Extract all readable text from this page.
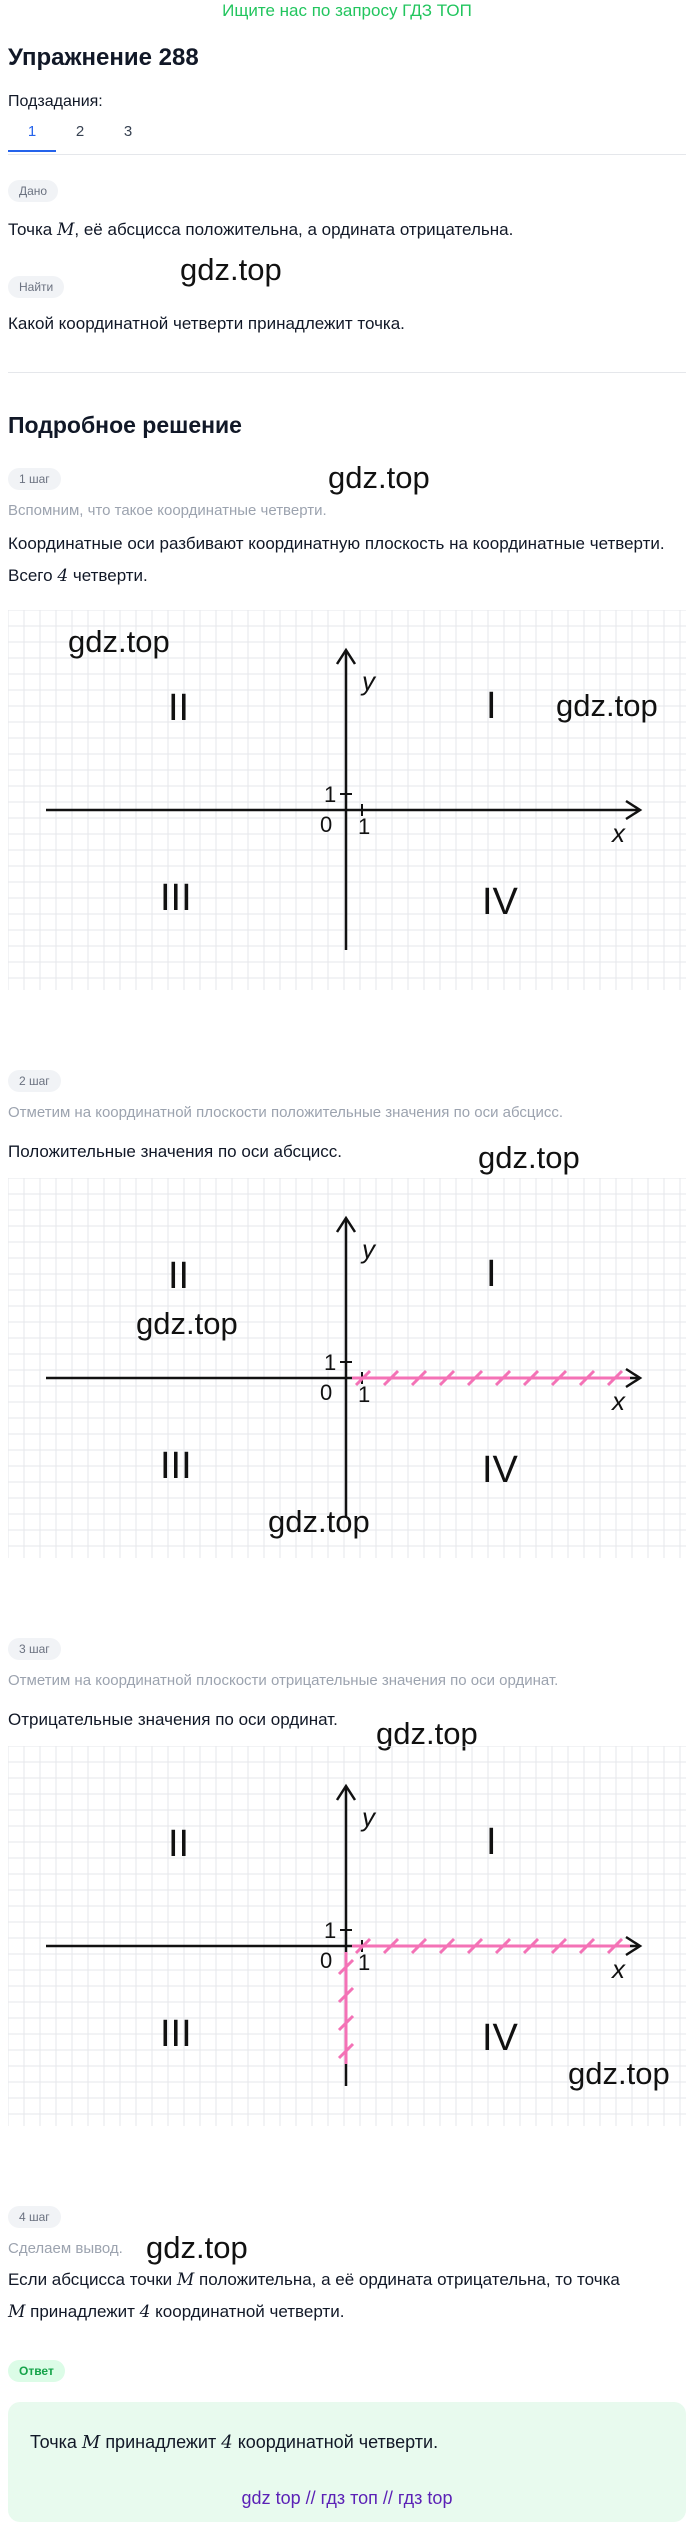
Ищите нас по запросу ГДЗ ТОП
Упражнение 288
Подзадания:
1	2	3
Дано
Точка M, её абсцисса положительна, а ордината отрицательна.
Найти	gdz.top
Какой координатной четверти принадлежит точка.
Подробное решение
1 шаг	gdz.top
Вспомним, что такое координатные четверти.
Координатные оси разбивают координатную плоскость на координатные четверти. Всего 4 четверти.
y
x
0 1
1
II	I
III	IV
gdz.top
gdz.top
2 шаг
Отметим на координатной плоскости положительные значения по оси абсцисс.
Положительные значения по оси абсцисс.	gdz.top
y
x
0 1
1
II	I
III	IV
gdz.top
gdz.top
3 шаг
Отметим на координатной плоскости отрицательные значения по оси ординат.
Отрицательные значения по оси ординат.	gdz.top
y
x
0 1
1
II	I
III	IV
gdz.top
4 шаг
Сделаем вывод. gdz.top
Если абсцисса точки M положительна, а её ордината отрицательна, то точка
M принадлежит 4 координатной четверти.
Ответ
Точка M принадлежит 4 координатной четверти.
gdz top // гдз топ // гдз top
